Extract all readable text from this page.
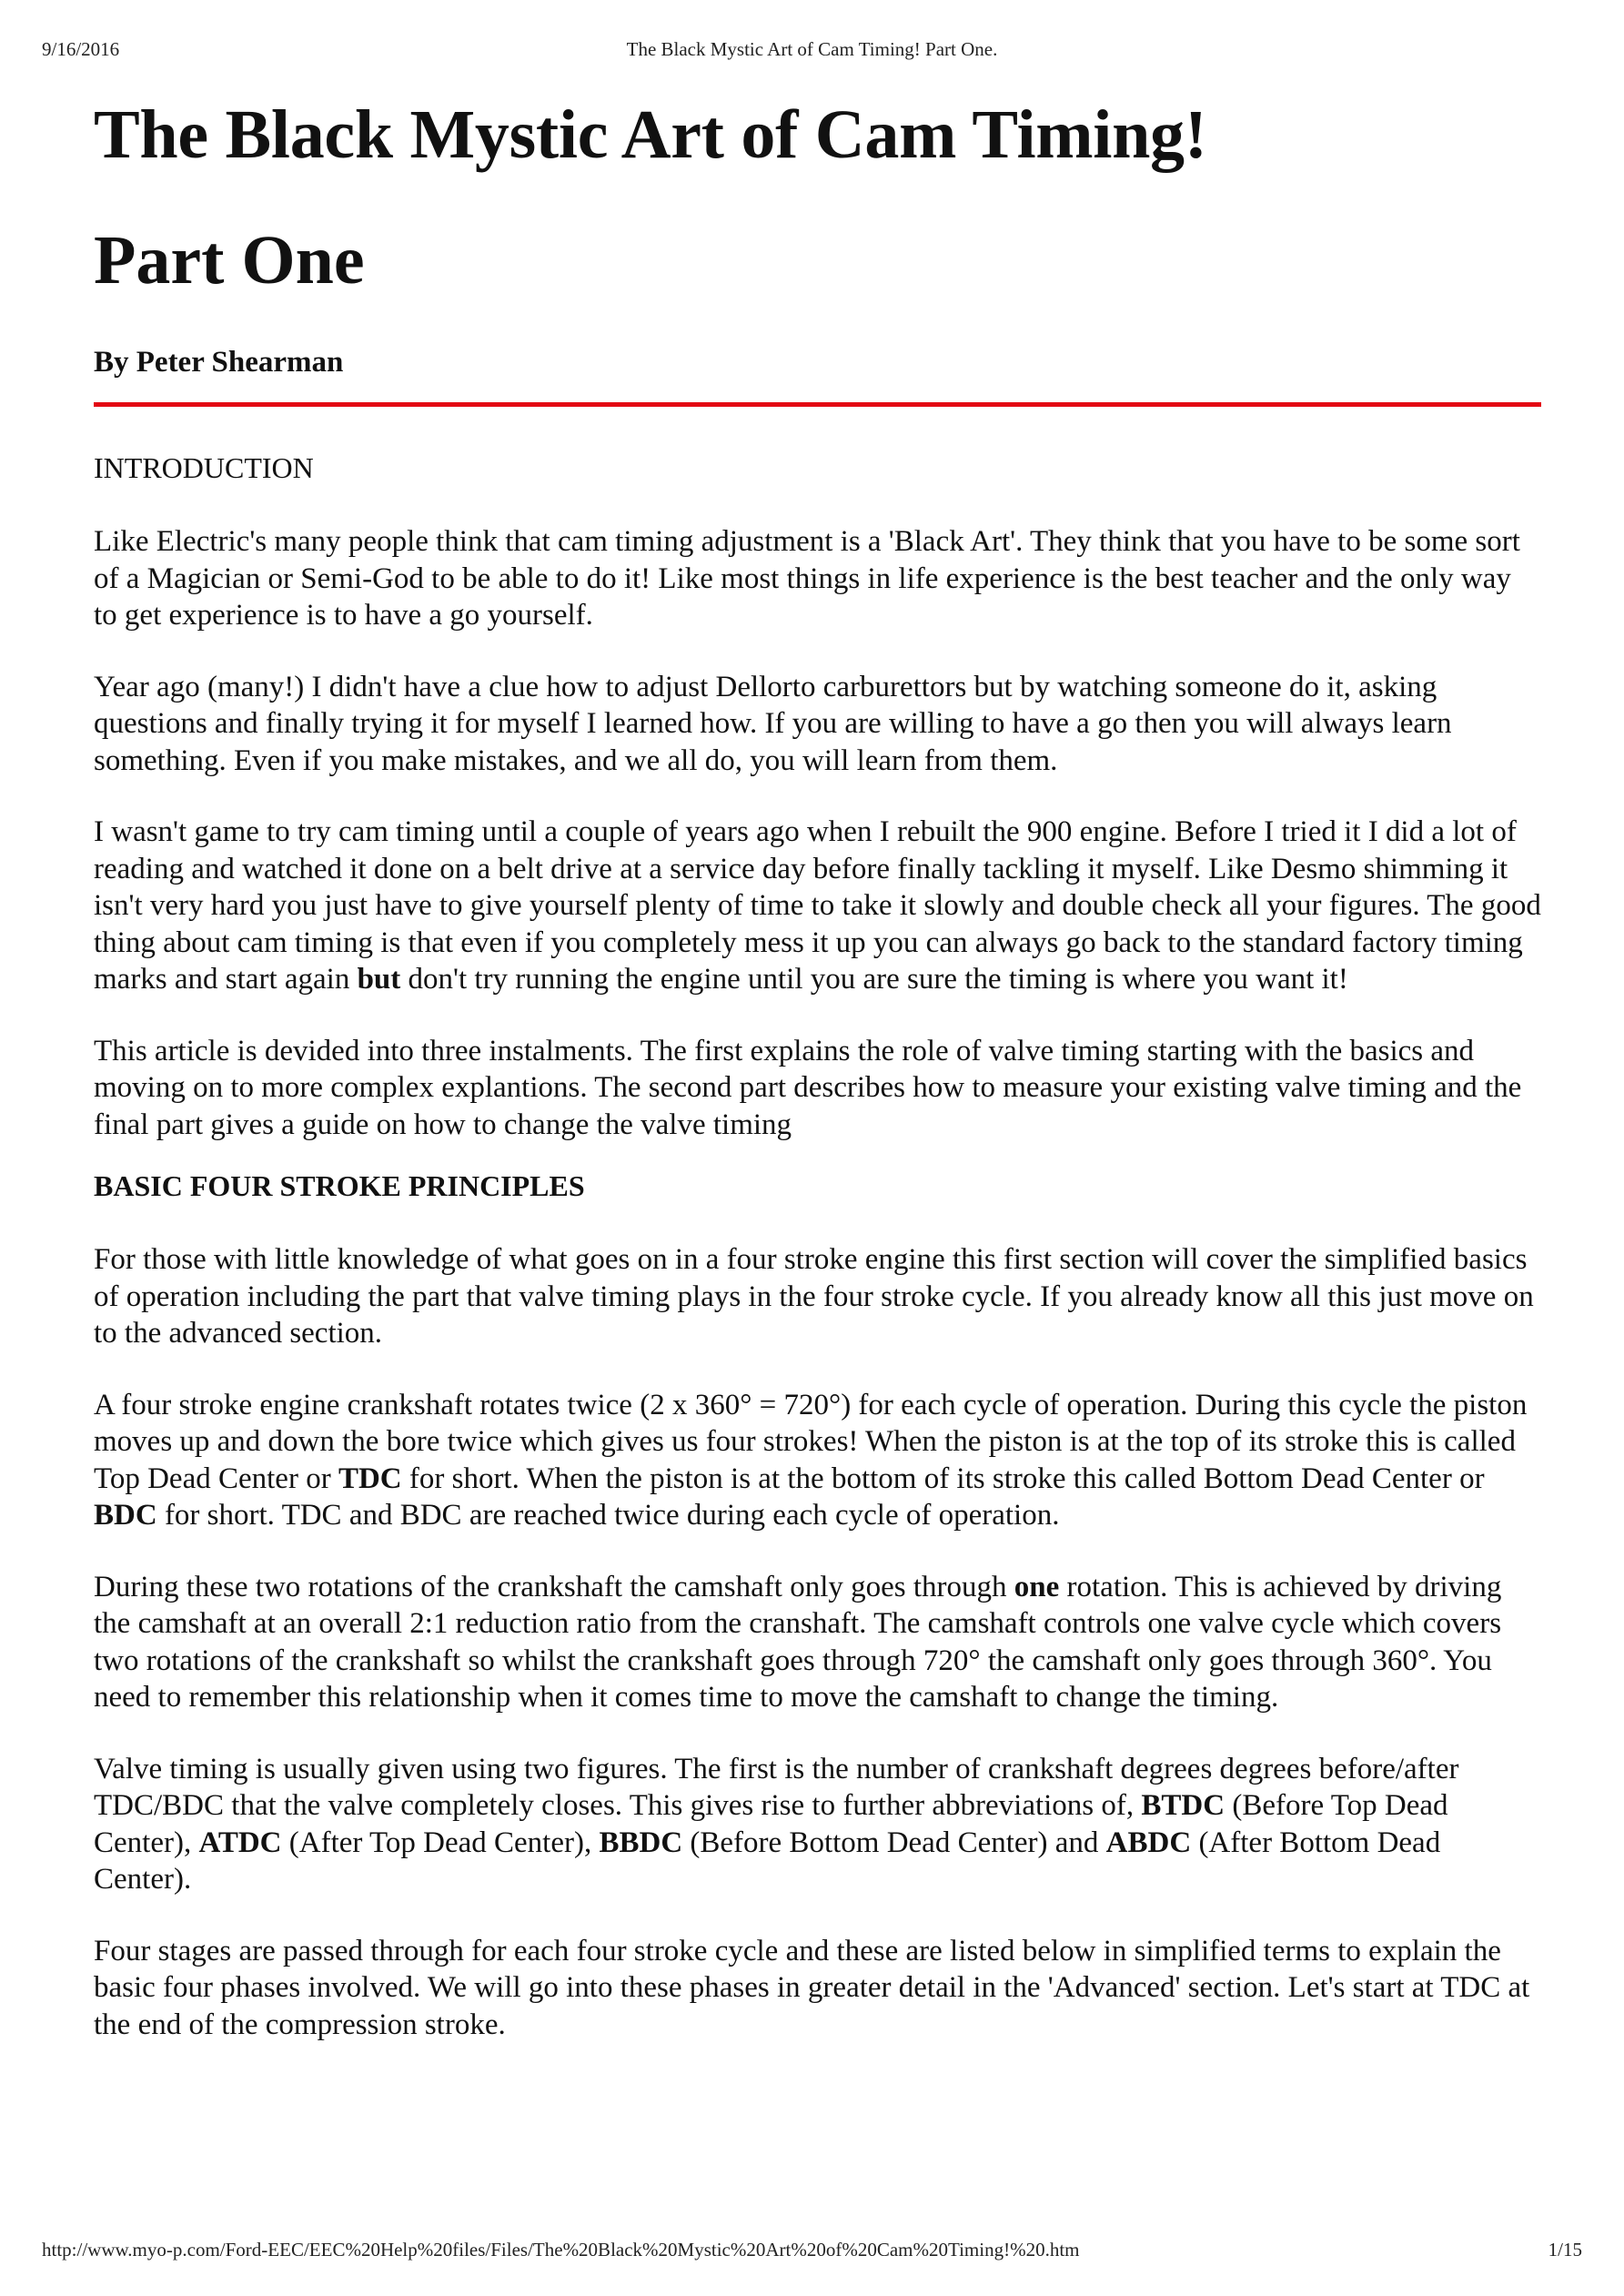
9/16/2016	The Black Mystic Art of Cam Timing! Part One.
The Black Mystic Art of Cam Timing!
Part One
By Peter Shearman
INTRODUCTION

Like Electric's many people think that cam timing adjustment is a 'Black Art'. They think that you have to be some sort of a Magician or Semi-God to be able to do it! Like most things in life experience is the best teacher and the only way to get experience is to have a go yourself.

Year ago (many!) I didn't have a clue how to adjust Dellorto carburettors but by watching someone do it, asking questions and finally trying it for myself I learned how. If you are willing to have a go then you will always learn something. Even if you make mistakes, and we all do, you will learn from them.

I wasn't game to try cam timing until a couple of years ago when I rebuilt the 900 engine. Before I tried it I did a lot of reading and watched it done on a belt drive at a service day before finally tackling it myself. Like Desmo shimming it isn't very hard you just have to give yourself plenty of time to take it slowly and double check all your figures. The good thing about cam timing is that even if you completely mess it up you can always go back to the standard factory timing marks and start again but don't try running the engine until you are sure the timing is where you want it!

This article is devided into three instalments. The first explains the role of valve timing starting with the basics and moving on to more complex explantions. The second part describes how to measure your existing valve timing and the final part gives a guide on how to change the valve timing

BASIC FOUR STROKE PRINCIPLES

For those with little knowledge of what goes on in a four stroke engine this first section will cover the simplified basics of operation including the part that valve timing plays in the four stroke cycle. If you already know all this just move on to the advanced section.

A four stroke engine crankshaft rotates twice (2 x 360° = 720°) for each cycle of operation. During this cycle the piston moves up and down the bore twice which gives us four strokes! When the piston is at the top of its stroke this is called Top Dead Center or TDC for short. When the piston is at the bottom of its stroke this called Bottom Dead Center or BDC for short. TDC and BDC are reached twice during each cycle of operation.

During these two rotations of the crankshaft the camshaft only goes through one rotation. This is achieved by driving the camshaft at an overall 2:1 reduction ratio from the cranshaft. The camshaft controls one valve cycle which covers two rotations of the crankshaft so whilst the crankshaft goes through 720° the camshaft only goes through 360°. You need to remember this relationship when it comes time to move the camshaft to change the timing.

Valve timing is usually given using two figures. The first is the number of crankshaft degrees degrees before/after TDC/BDC that the valve completely closes. This gives rise to further abbreviations of, BTDC (Before Top Dead Center), ATDC (After Top Dead Center), BBDC (Before Bottom Dead Center) and ABDC (After Bottom Dead Center).

Four stages are passed through for each four stroke cycle and these are listed below in simplified terms to explain the basic four phases involved. We will go into these phases in greater detail in the 'Advanced' section. Let's start at TDC at the end of the compression stroke.

http://www.myo-p.com/Ford-EEC/EEC%20Help%20files/Files/The%20Black%20Mystic%20Art%20of%20Cam%20Timing!%20.htm	1/15
